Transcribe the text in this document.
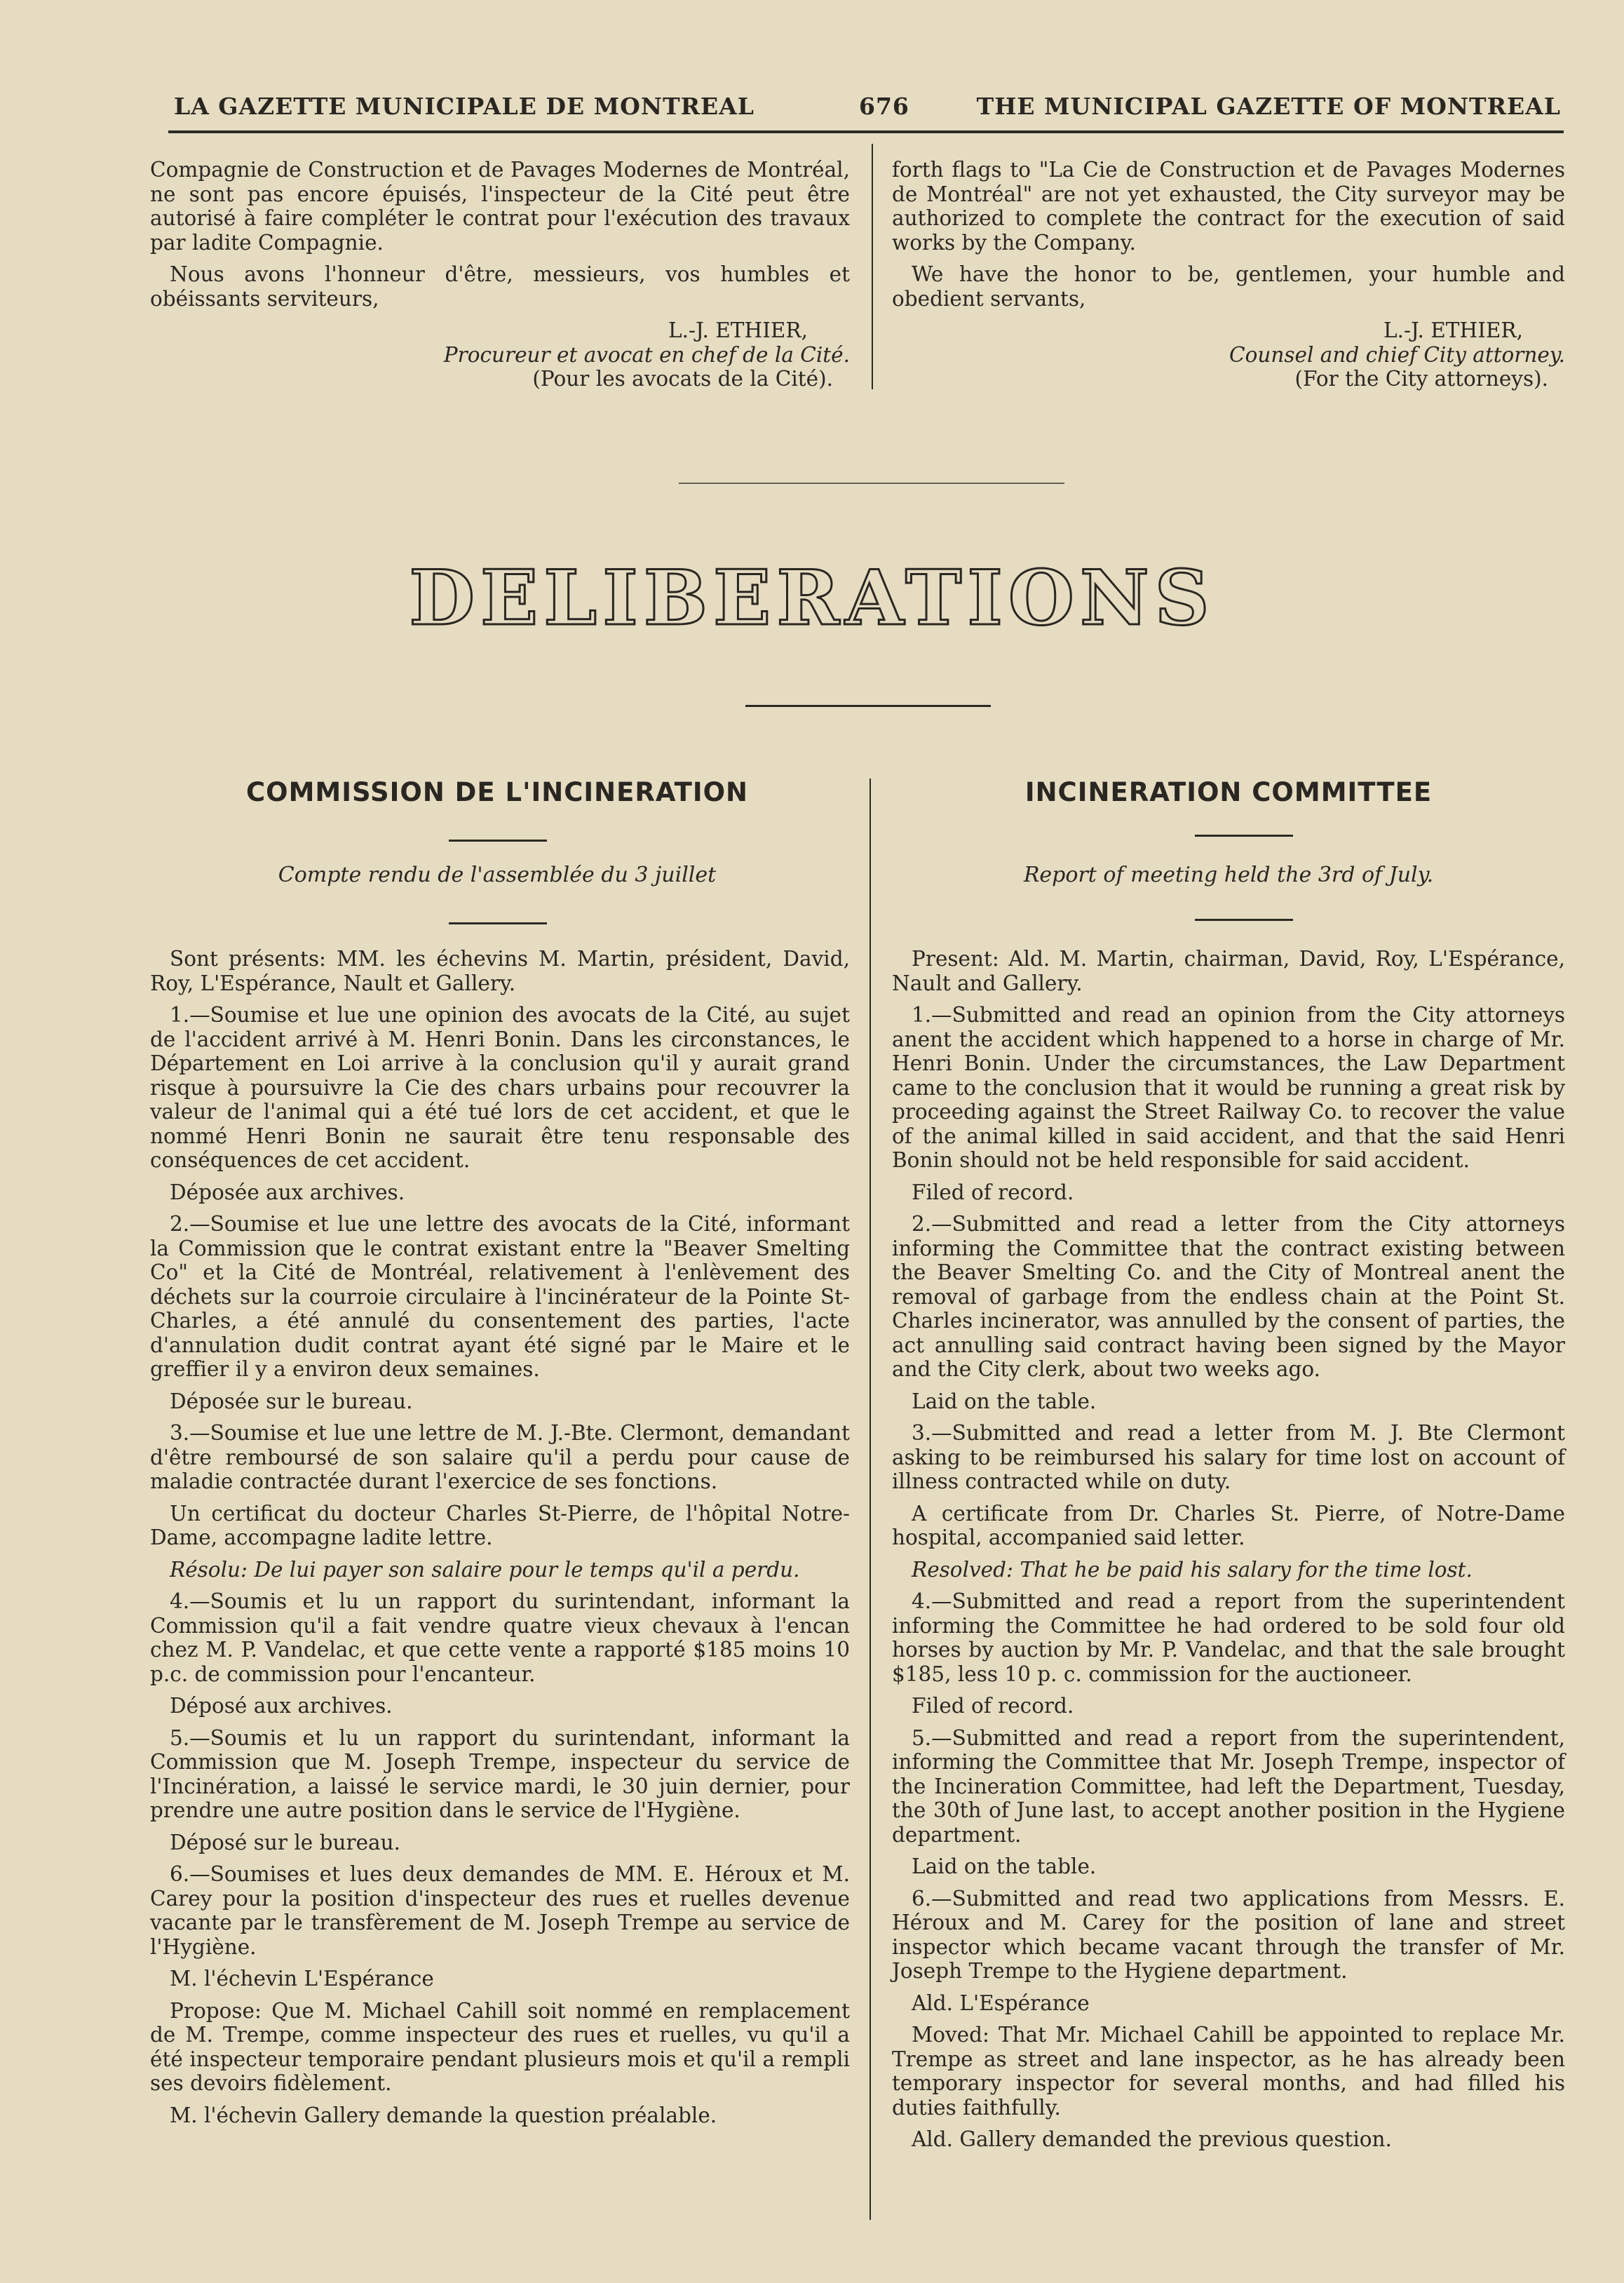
LA GAZETTE MUNICIPALE DE MONTREAL	676	THE MUNICIPAL GAZETTE OF MONTREAL

Compagnie de Construction et de Pavages Modernes de Montréal, ne sont pas encore épuisés, l'inspecteur de la Cité peut être autorisé à faire compléter le contrat pour l'exécution des travaux par ladite Compagnie.

Nous avons l'honneur d'être, messieurs, vos humbles et obéissants serviteurs,

L.-J. ETHIER,
Procureur et avocat en chef de la Cité.
(Pour les avocats de la Cité).

forth flags to "La Cie de Construction et de Pavages Modernes de Montréal" are not yet exhausted, the City surveyor may be authorized to complete the contract for the execution of said works by the Company.

We have the honor to be, gentlemen, your humble and obedient servants,

L.-J. ETHIER,
Counsel and chief City attorney.
(For the City attorneys).
DELIBERATIONS
COMMISSION DE L'INCINERATION
Compte rendu de l'assemblée du 3 juillet
INCINERATION COMMITTEE
Report of meeting held the 3rd of July.

Sont présents: MM. les échevins M. Martin, président, David, Roy, L'Espérance, Nault et Gallery.

1.—Soumise et lue une opinion des avocats de la Cité, au sujet de l'accident arrivé à M. Henri Bonin. Dans les circonstances, le Département en Loi arrive à la conclusion qu'il y aurait grand risque à poursuivre la Cie des chars urbains pour recouvrer la valeur de l'animal qui a été tué lors de cet accident, et que le nommé Henri Bonin ne saurait être tenu responsable des conséquences de cet accident.

Déposée aux archives.

2.—Soumise et lue une lettre des avocats de la Cité, informant la Commission que le contrat existant entre la "Beaver Smelting Co" et la Cité de Montréal, relativement à l'enlèvement des déchets sur la courroie circulaire à l'incinérateur de la Pointe St-Charles, a été annulé du consentement des parties, l'acte d'annulation dudit contrat ayant été signé par le Maire et le greffier il y a environ deux semaines.

Déposée sur le bureau.

3.—Soumise et lue une lettre de M. J.-Bte. Clermont, demandant d'être remboursé de son salaire qu'il a perdu pour cause de maladie contractée durant l'exercice de ses fonctions.

Un certificat du docteur Charles St-Pierre, de l'hôpital Notre-Dame, accompagne ladite lettre.

Résolu: De lui payer son salaire pour le temps qu'il a perdu.

4.—Soumis et lu un rapport du surintendant, informant la Commission qu'il a fait vendre quatre vieux chevaux à l'encan chez M. P. Vandelac, et que cette vente a rapporté $185 moins 10 p.c. de commission pour l'encanteur.

Déposé aux archives.

5.—Soumis et lu un rapport du surintendant, informant la Commission que M. Joseph Trempe, inspecteur du service de l'Incinération, a laissé le service mardi, le 30 juin dernier, pour prendre une autre position dans le service de l'Hygiène.

Déposé sur le bureau.

6.—Soumises et lues deux demandes de MM. E. Héroux et M. Carey pour la position d'inspecteur des rues et ruelles devenue vacante par le transfèrement de M. Joseph Trempe au service de l'Hygiène.

M. l'échevin L'Espérance

Propose: Que M. Michael Cahill soit nommé en remplacement de M. Trempe, comme inspecteur des rues et ruelles, vu qu'il a été inspecteur temporaire pendant plusieurs mois et qu'il a rempli ses devoirs fidèlement.

M. l'échevin Gallery demande la question préalable.

Present: Ald. M. Martin, chairman, David, Roy, L'Espérance, Nault and Gallery.

1.—Submitted and read an opinion from the City attorneys anent the accident which happened to a horse in charge of Mr. Henri Bonin. Under the circumstances, the Law Department came to the conclusion that it would be running a great risk by proceeding against the Street Railway Co. to recover the value of the animal killed in said accident, and that the said Henri Bonin should not be held responsible for said accident.

Filed of record.

2.—Submitted and read a letter from the City attorneys informing the Committee that the contract existing between the Beaver Smelting Co. and the City of Montreal anent the removal of garbage from the endless chain at the Point St. Charles incinerator, was annulled by the consent of parties, the act annulling said contract having been signed by the Mayor and the City clerk, about two weeks ago.

Laid on the table.

3.—Submitted and read a letter from M. J. Bte Clermont asking to be reimbursed his salary for time lost on account of illness contracted while on duty.

A certificate from Dr. Charles St. Pierre, of Notre-Dame hospital, accompanied said letter.

Resolved: That he be paid his salary for the time lost.

4.—Submitted and read a report from the superintendent informing the Committee he had ordered to be sold four old horses by auction by Mr. P. Vandelac, and that the sale brought $185, less 10 p. c. commission for the auctioneer.

Filed of record.

5.—Submitted and read a report from the superintendent, informing the Committee that Mr. Joseph Trempe, inspector of the Incineration Committee, had left the Department, Tuesday, the 30th of June last, to accept another position in the Hygiene department.

Laid on the table.

6.—Submitted and read two applications from Messrs. E. Héroux and M. Carey for the position of lane and street inspector which became vacant through the transfer of Mr. Joseph Trempe to the Hygiene department.

Ald. L'Espérance

Moved: That Mr. Michael Cahill be appointed to replace Mr. Trempe as street and lane inspector, as he has already been temporary inspector for several months, and had filled his duties faithfully.

Ald. Gallery demanded the previous question.
